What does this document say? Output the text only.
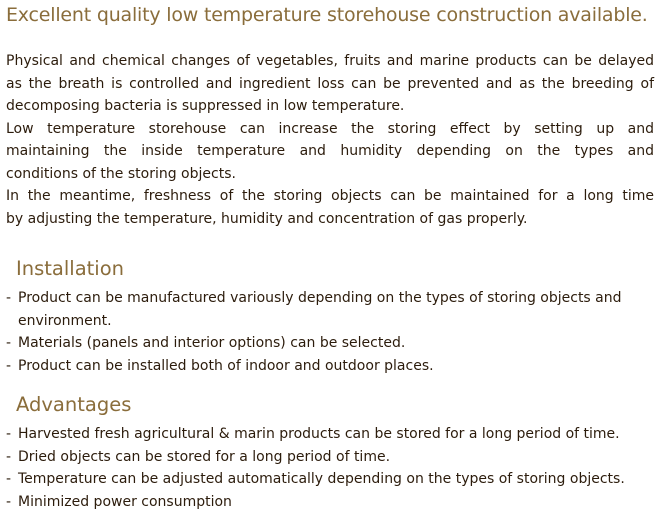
Excellent quality low temperature storehouse construction available.

Physical and chemical changes of vegetables, fruits and marine products can be delayed
as the breath is controlled and ingredient loss can be prevented and as the breeding of
decomposing bacteria is suppressed in low temperature.

Low temperature storehouse can increase the storing effect by setting up and
maintaining the inside temperature and humidity depending on the types and
conditions of the storing objects.

In the meantime, freshness of the storing objects can be maintained for a long time
by adjusting the temperature, humidity and concentration of gas properly.

Installation
- Product can be manufactured variously depending on the types of storing objects and environment.
- Materials (panels and interior options) can be selected.
- Product can be installed both of indoor and outdoor places.
Advantages
- Harvested fresh agricultural & marin products can be stored for a long period of time.
- Dried objects can be stored for a long period of time.
- Temperature can be adjusted automatically depending on the types of storing objects.
- Minimized power consumption
